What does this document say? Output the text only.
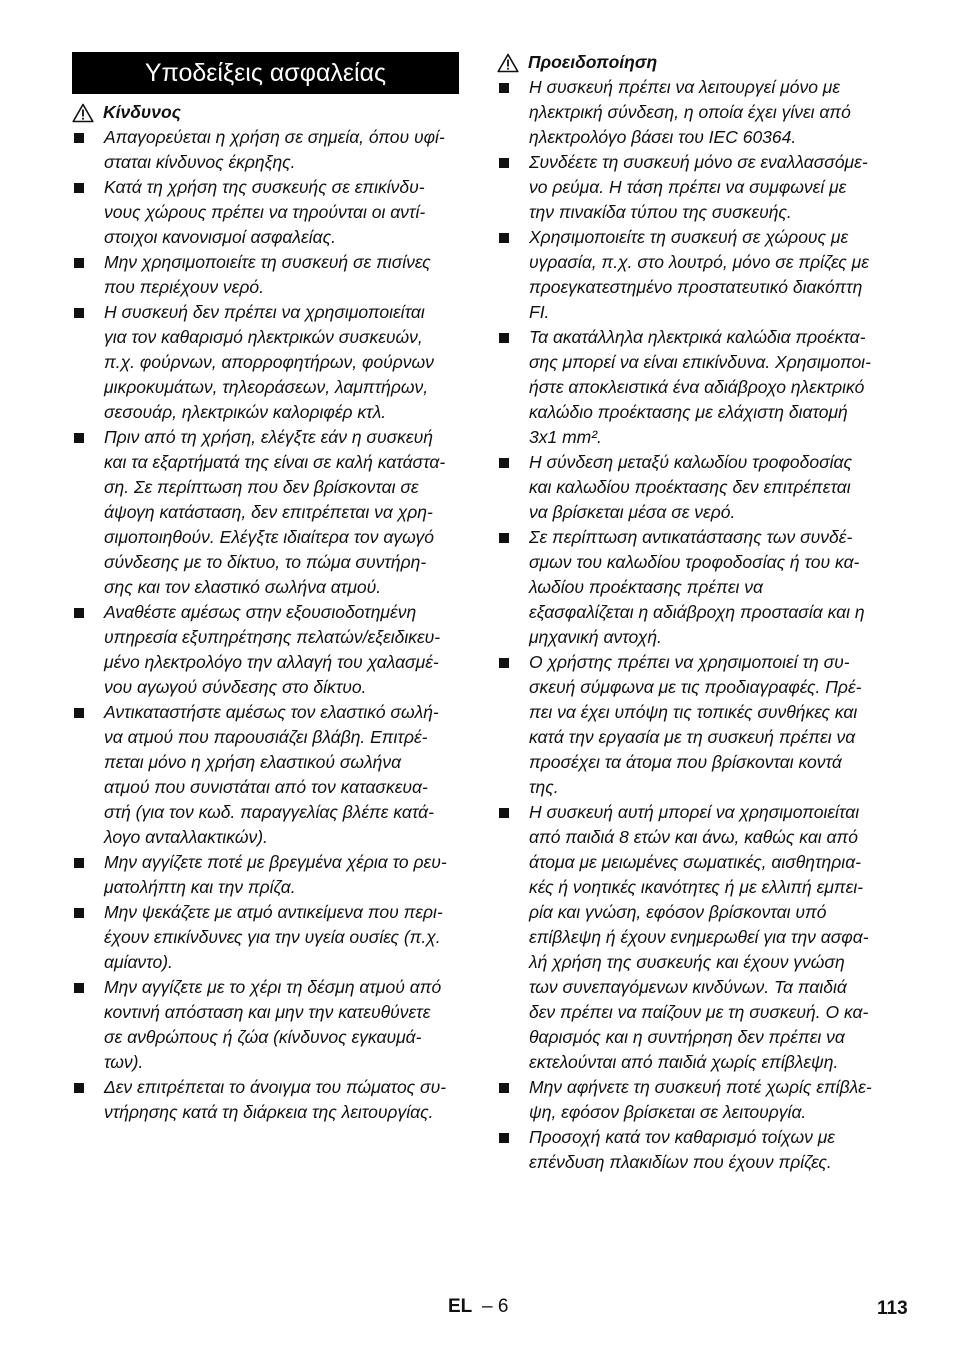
Υποδείξεις ασφαλείας
Κίνδυνος
Απαγορεύεται η χρήση σε σημεία, όπου υφί-
σταται κίνδυνος έκρηξης.
Κατά τη χρήση της συσκευής σε επικίνδυ-
νους χώρους πρέπει να τηρούνται οι αντί-
στοιχοι κανονισμοί ασφαλείας.
Μην χρησιμοποιείτε τη συσκευή σε πισίνες
που περιέχουν νερό.
Η συσκευή δεν πρέπει να χρησιμοποιείται
για τον καθαρισμό ηλεκτρικών συσκευών,
π.χ. φούρνων, απορροφητήρων, φούρνων
μικροκυμάτων, τηλεοράσεων, λαμπτήρων,
σεσουάρ, ηλεκτρικών καλοριφέρ κτλ.
Πριν από τη χρήση, ελέγξτε εάν η συσκευή
και τα εξαρτήματά της είναι σε καλή κατάστα-
ση. Σε περίπτωση που δεν βρίσκονται σε
άψογη κατάσταση, δεν επιτρέπεται να χρη-
σιμοποιηθούν. Ελέγξτε ιδιαίτερα τον αγωγό
σύνδεσης με το δίκτυο, το πώμα συντήρη-
σης και τον ελαστικό σωλήνα ατμού.
Αναθέστε αμέσως στην εξουσιοδοτημένη
υπηρεσία εξυπηρέτησης πελατών/εξειδικευ-
μένο ηλεκτρολόγο την αλλαγή του χαλασμέ-
νου αγωγού σύνδεσης στο δίκτυο.
Αντικαταστήστε αμέσως τον ελαστικό σωλή-
να ατμού που παρουσιάζει βλάβη. Επιτρέ-
πεται μόνο η χρήση ελαστικού σωλήνα
ατμού που συνιστάται από τον κατασκευα-
στή (για τον κωδ. παραγγελίας βλέπε κατά-
λογο ανταλλακτικών).
Μην αγγίζετε ποτέ με βρεγμένα χέρια το ρευ-
ματολήπτη και την πρίζα.
Μην ψεκάζετε με ατμό αντικείμενα που περι-
έχουν επικίνδυνες για την υγεία ουσίες (π.χ.
αμίαντο).
Μην αγγίζετε με το χέρι τη δέσμη ατμού από
κοντινή απόσταση και μην την κατευθύνετε
σε ανθρώπους ή ζώα (κίνδυνος εγκαυμά-
των).
Δεν επιτρέπεται το άνοιγμα του πώματος συ-
ντήρησης κατά τη διάρκεια της λειτουργίας.
Προειδοποίηση
Η συσκευή πρέπει να λειτουργεί μόνο με
ηλεκτρική σύνδεση, η οποία έχει γίνει από
ηλεκτρολόγο βάσει του IEC 60364.
Συνδέετε τη συσκευή μόνο σε εναλλασσόμε-
νο ρεύμα. Η τάση πρέπει να συμφωνεί με
την πινακίδα τύπου της συσκευής.
Χρησιμοποιείτε τη συσκευή σε χώρους με
υγρασία, π.χ. στο λουτρό, μόνο σε πρίζες με
προεγκατεστημένο προστατευτικό διακόπτη
FI.
Τα ακατάλληλα ηλεκτρικά καλώδια προέκτα-
σης μπορεί να είναι επικίνδυνα. Χρησιμοποι-
ήστε αποκλειστικά ένα αδιάβροχο ηλεκτρικό
καλώδιο προέκτασης με ελάχιστη διατομή
3x1 mm².
Η σύνδεση μεταξύ καλωδίου τροφοδοσίας
και καλωδίου προέκτασης δεν επιτρέπεται
να βρίσκεται μέσα σε νερό.
Σε περίπτωση αντικατάστασης των συνδέ-
σμων του καλωδίου τροφοδοσίας ή του κα-
λωδίου προέκτασης πρέπει να
εξασφαλίζεται η αδιάβροχη προστασία και η
μηχανική αντοχή.
Ο χρήστης πρέπει να χρησιμοποιεί τη συ-
σκευή σύμφωνα με τις προδιαγραφές. Πρέ-
πει να έχει υπόψη τις τοπικές συνθήκες και
κατά την εργασία με τη συσκευή πρέπει να
προσέχει τα άτομα που βρίσκονται κοντά
της.
Η συσκευή αυτή μπορεί να χρησιμοποιείται
από παιδιά 8 ετών και άνω, καθώς και από
άτομα με μειωμένες σωματικές, αισθητηρια-
κές ή νοητικές ικανότητες ή με ελλιπή εμπει-
ρία και γνώση, εφόσον βρίσκονται υπό
επίβλεψη ή έχουν ενημερωθεί για την ασφα-
λή χρήση της συσκευής και έχουν γνώση
των συνεπαγόμενων κινδύνων. Τα παιδιά
δεν πρέπει να παίζουν με τη συσκευή. Ο κα-
θαρισμός και η συντήρηση δεν πρέπει να
εκτελούνται από παιδιά χωρίς επίβλεψη.
Μην αφήνετε τη συσκευή ποτέ χωρίς επίβλε-
ψη, εφόσον βρίσκεται σε λειτουργία.
Προσοχή κατά τον καθαρισμό τοίχων με
επένδυση πλακιδίων που έχουν πρίζες.
EL – 6	113
